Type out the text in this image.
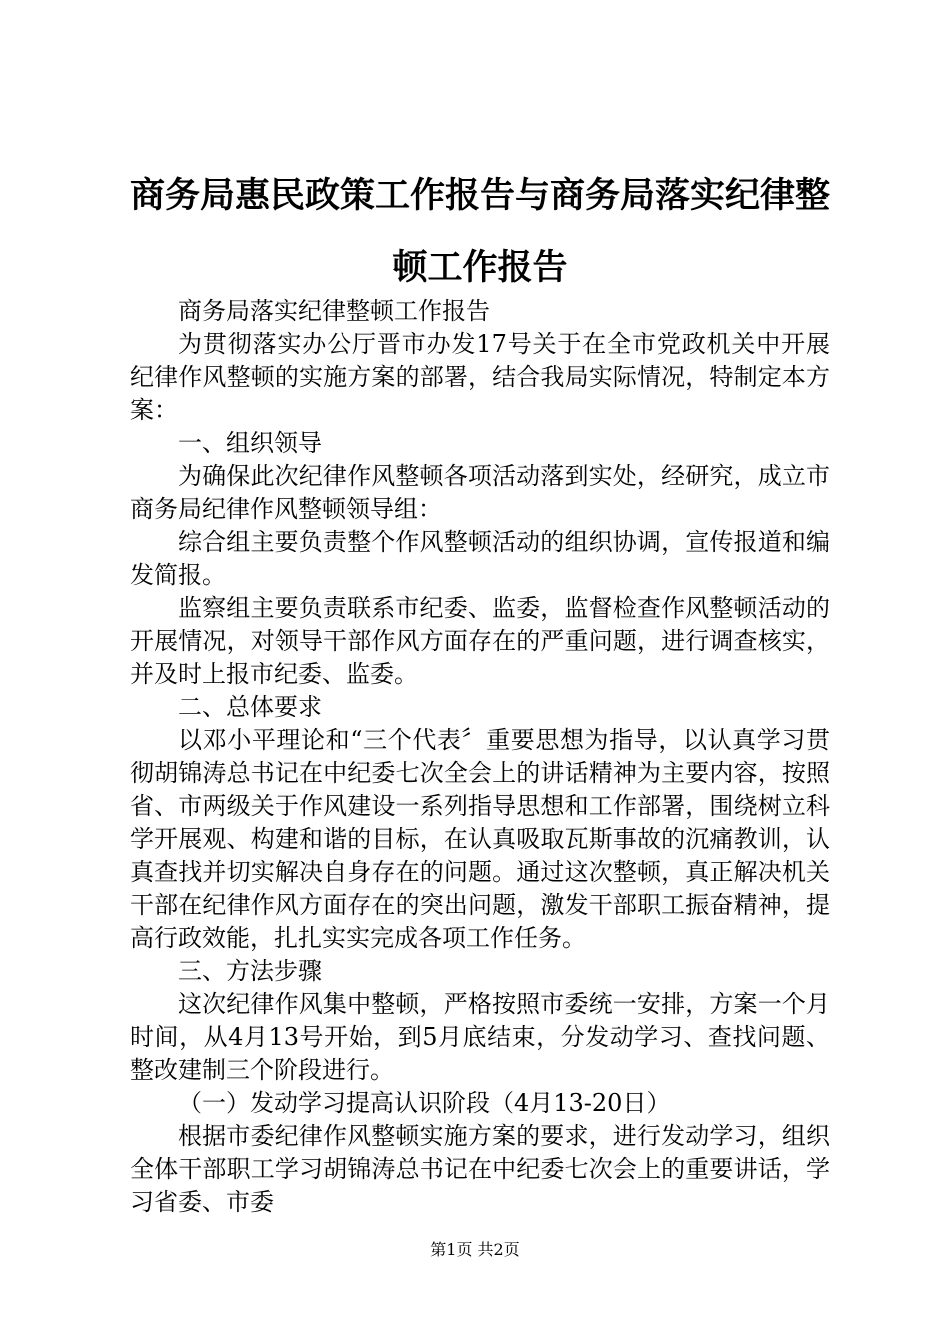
商务局惠民政策工作报告与商务局落实纪律整顿工作报告

商务局落实纪律整顿工作报告

为贯彻落实办公厅晋市办发17号关于在全市党政机关中开展纪律作风整顿的实施方案的部署，结合我局实际情况，特制定本方案：

一、组织领导

为确保此次纪律作风整顿各项活动落到实处，经研究，成立市商务局纪律作风整顿领导组：

综合组主要负责整个作风整顿活动的组织协调，宣传报道和编发简报。

监察组主要负责联系市纪委、监委，监督检查作风整顿活动的开展情况，对领导干部作风方面存在的严重问题，进行调查核实，并及时上报市纪委、监委。

二、总体要求

以邓小平理论和“三个代表〞重要思想为指导，以认真学习贯彻胡锦涛总书记在中纪委七次全会上的讲话精神为主要内容，按照省、市两级关于作风建设一系列指导思想和工作部署，围绕树立科学开展观、构建和谐的目标，在认真吸取瓦斯事故的沉痛教训，认真查找并切实解决自身存在的问题。通过这次整顿，真正解决机关干部在纪律作风方面存在的突出问题，激发干部职工振奋精神，提高行政效能，扎扎实实完成各项工作任务。

三、方法步骤

这次纪律作风集中整顿，严格按照市委统一安排，方案一个月时间，从4月13号开始，到5月底结束，分发动学习、查找问题、整改建制三个阶段进行。

（一）发动学习提高认识阶段（4月13-20日）

根据市委纪律作风整顿实施方案的要求，进行发动学习，组织全体干部职工学习胡锦涛总书记在中纪委七次会上的重要讲话，学习省委、市委

第1页 共2页
